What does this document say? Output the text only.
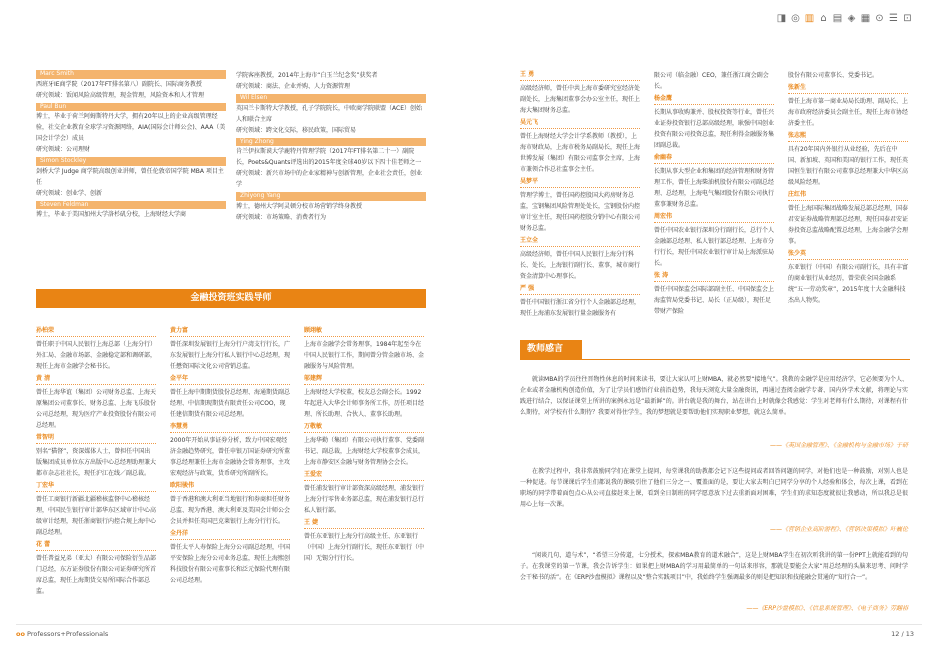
◨ ◎ ▥ ⌂ ▤ ◈ ▦ ⊙ ☰ ⊡
Marc Smith
西班牙IE商学院（2017年FT排名第八）副院长、国际商务教授
研究领域：饭闻风险高级管理，现金管理，风险资本和人才管理
Paul Bun
博士，毕业于荷兰阿姆斯特丹大学，拥有20年以上的企业高级管理经验，社交企业教育全球学习资源网络，AIA(国际会计师公会)、AAA（美国会计学会）成员
研究领域：公司理财
Simon Stockley
剑桥大学 Judge 商学院高级创业讲师，曾任伦敦帝国学院 MBA 项目主任
研究领域：创业学、创新
Steven Feldman
博士，毕业于美国加州大学洛杉矶分校，上海财经大学商
学院客座教授，2014年上海市“白玉兰纪念奖”获奖者
研究领域：商法、企业并购、人力资源管理
Wil Elsen
英国兰卡斯特大学教授，孔子学院院长，中欧商学院联盟（ACE）创始人和联合主席
研究领域：跨文化交际，移民政策，国际贸易
Ying Zhong
肯兰伊拉斯谟大学鹿特丹管理学院（2017年FT排名第二十一）副院长，Poets&Quants评选出的2015年度全球40岁以下四十佳老师之一
研究领域：新兴市场中的企业家精神与创新管理，企业社会责任，创业学
Zhiyong Yang
博士，德州大学阿灵顿分校市场营销学终身教授
研究领域：市场策略、消费者行为
金融投资班实践导师
孙柏荣
曾任职于中国人民银行上海总部（上海分行）外汇局、金融市场部、金融稳定部和调研部，现任上海市金融学会秘书长。
黄 清
曾任上海华谊（集团）公司财务总监、上海天原集团公司董事长、财务总监、上海飞乐股份公司总经理，现为医疗产业投资股份有限公司总经理。
常智明
别名“猫督”，资深媒体人士，曾担任中国出版集团成员单位东方出版中心总经理助理兼大都市杂志社社长，现任沪江在线／副总裁。
丁宏华
曾任工商银行新疆北疆稽核监督中心稽核经理，中国民生银行审计部华东区域审计中心高级审计经理，现任浙商银行内控合规上海中心副总经理。
花 蕾
曾任普益兄弟（亚太）有限公司保险衍生品部门总经，东方证券股份有限公司证券研究所首席总监，现任上海期货交易所国际合作部总监。
黄力富
曾任深圳发展银行上海分行户湾支行行长，广东发展银行上海分行私人银行中心总经理，现任懋资国际文化公司营销总监。
金平年
曾任上海中期期货股份总经理、海通期货副总经理、中信期现期货有限责任公司COO，现任建信期货有限公司总经理。
李慧勇
2000年开始从事证券分析，致力中国宏观经济金融趋势研究，曾任申银万国证券研究所董事总经理兼任上海市金融协会常务理事，主攻宏观经济与政策，货币研究所副所长。
欧阳骏伟
曾于香港和澳大利亚当地银行和券商担任财务总监、现为香港、澳大利亚及美国会计师公会会员并担任英国巴克莱银行上海分行行长。
全丹洋
曾任太平人寿保险上海分公司副总经理，中国平安保险上海分公司业务总监，现任上海熙创科技股份有限公司董事长和泛元保险代理有限公司总经理。
顾翊敏
上海市金融学会常务理事，1984年起至今在中国人民银行工作，期间曾分管金融市场、金融服务与风险管理。
邬建辉
上海财经大学校董，校友总会副会长。1992年起进入大华会计师事务所工作，历任项目经理、所长助理、合伙人、董事长助理。
万敬敏
上海华勤（集团）有限公司执行董事、党委副书记、副总裁，上海财经大学校董事会成员，上海市静安区金融与财务管理协会会长。
王爱宏
曾任浦发银行审计部资深高级经理，浦发银行上海分行零售业务部总监，现在浦发银行总行私人银行部。
王 婕
曾任东亚银行上海分行高级主任、东亚银行（中国）上海分行副行长，现任东亚银行（中国）无锡分行行长。
王 勇
高级经济师，曾任中共上海市委研究室经济处副处长，上海集团董事会办公室主任，现任上海大集团财务总监。
吴元飞
曾任上海财经大学会计学系教师（教授），上海市财政局，上海市税务局副局长，现任上海世博发展（集团）有限公司监事会主席，上海市兼领合作总社监事会主任。
吴梦平
管理学博士，曾任国药控股国大药房财务总监，宝钢集团风险管理处处长，宝钢股份内控审计室主任，现任国药控股分销中心有限公司财务总监。
王立全
高级经济师，曾任中国人民银行上海分行科长、处长，上海银行副行长、董事，城市商行资金清算中心理事长。
严 强
曾任中国银行浙江省分行个人金融部总经理，现任上海浦东发展银行量金融服务有
限公司（临金融）CEO，兼任浙江商会副会长。
杨金鹰
长期从事收购兼并、股权投资等行业，曾任兴业证券投资银行总部高级经理，耿强中国创业投资有限公司投资总监，现任利得金融服务集团副总裁。
俞幽春
长期从事大型企业和集团的经济管理和财务管理工作，曾任上海柴油机股份有限公司副总经理、总经理，上海电气集团股份有限公司执行董事兼财务总监。
周宏伟
曾任中国农业银行深圳分行副行长，总行个人金融部总经理、私人银行部总经理、上海市分行行长，现任中国农业银行审计局上海派驻局长。
张 涛
曾任中国保监会国际部副主任、中国保监会上海监管局党委书记、局长（正局级），现任足带财产保险
股份有限公司董事长、党委书记。
张新生
曾任上海市第一商业局局长助理、副局长、上海市政府经济委员会副主任，现任上海市协经济委主任。
张志熙
具有20年国内外银行从业经验，先后在中国、新加坡、英国和美国的银行工作，现任英国恒生银行有限公司董事总经理兼大中华区高级风险经理。
庄红伟
曾任上海国际集团战略发展总部总经理，国泰君安证券战略管理部总经理，现任国泰君安证券投资总监战略配置总经理，上海金融学会理事。
张少英
东亚银行（中国）有限公司副行长，具有丰富的商业银行从业经历，曾荣获全国金融系统“五一劳动奖章”，2015年度十大金融科技杰出人物奖。
教师感言
就读MBA的学员往往晋物性休息的时间来读书，要让大家认可上财MBA，就必然要“接地气”。我教的金融学是应用经济学，它必须要为个人、企业或者金融机构创造价值，为了让学员们感悟行业前沿趋势，我每天浏览大量金融资讯，再通过查阅金融学专著、国内外学术文献，将理论与实践进行结合，以保证课堂上所讲的案例永远是“最新鲜”的。讲台就是我的舞台，站在讲台上时就像会我感觉：学生对老师有什么期待，对课程有什么期待，对学校有什么期待？我要对得住学生，我的梦想就是要帮助他们实现职业梦想，就这么简单。
——《英国金融管理》、《金融机构与金融市场》于研
在教学过程中，我非常鼓励同学们在课堂上提问，每堂课我的助教都会记下这些提问或者回答问题的同学，对他们也是一种鼓励，对别人也是一种促进。每节课课后学生们都说我的课吸引住了他们三分之一、覆盖面的是，要让大家去明白已同学分享的个人经验和体会，每次上课，看到在职场的同学带着面包点心从公司直接赶来上课，看到全日制班的同学愿意放下过去重新面对困难，学生们的求知态度就很让我感动，所以我总是很用心上每一次课。
——《营销企业高阶游程》、《营销决策模拟》叶巍伦
“闲谈几句，道与术”，“希望三分传道，七分授术，探索MBA教育的道术融合”，这是上财MBA学生在初次听我讲的第一份PPT上就能看到的句子。在我课堂的第一节课，我会告诉学生：如果把上财MBA的学习用最简单的一句话来形容，那就是要能会大家“用总经理的头脑来思考、问时学会干秘书的活”。在《ERP沙盘模拟》课程以及“整合实践项目”中，我始终学生强调最多的则是把知识和技能融会贯通的“知行合一”。
——《ERP沙盘模拟》、《信息系统管理》、《电子商务》劳翻裕
oo Professors+Professionals	12 / 13
